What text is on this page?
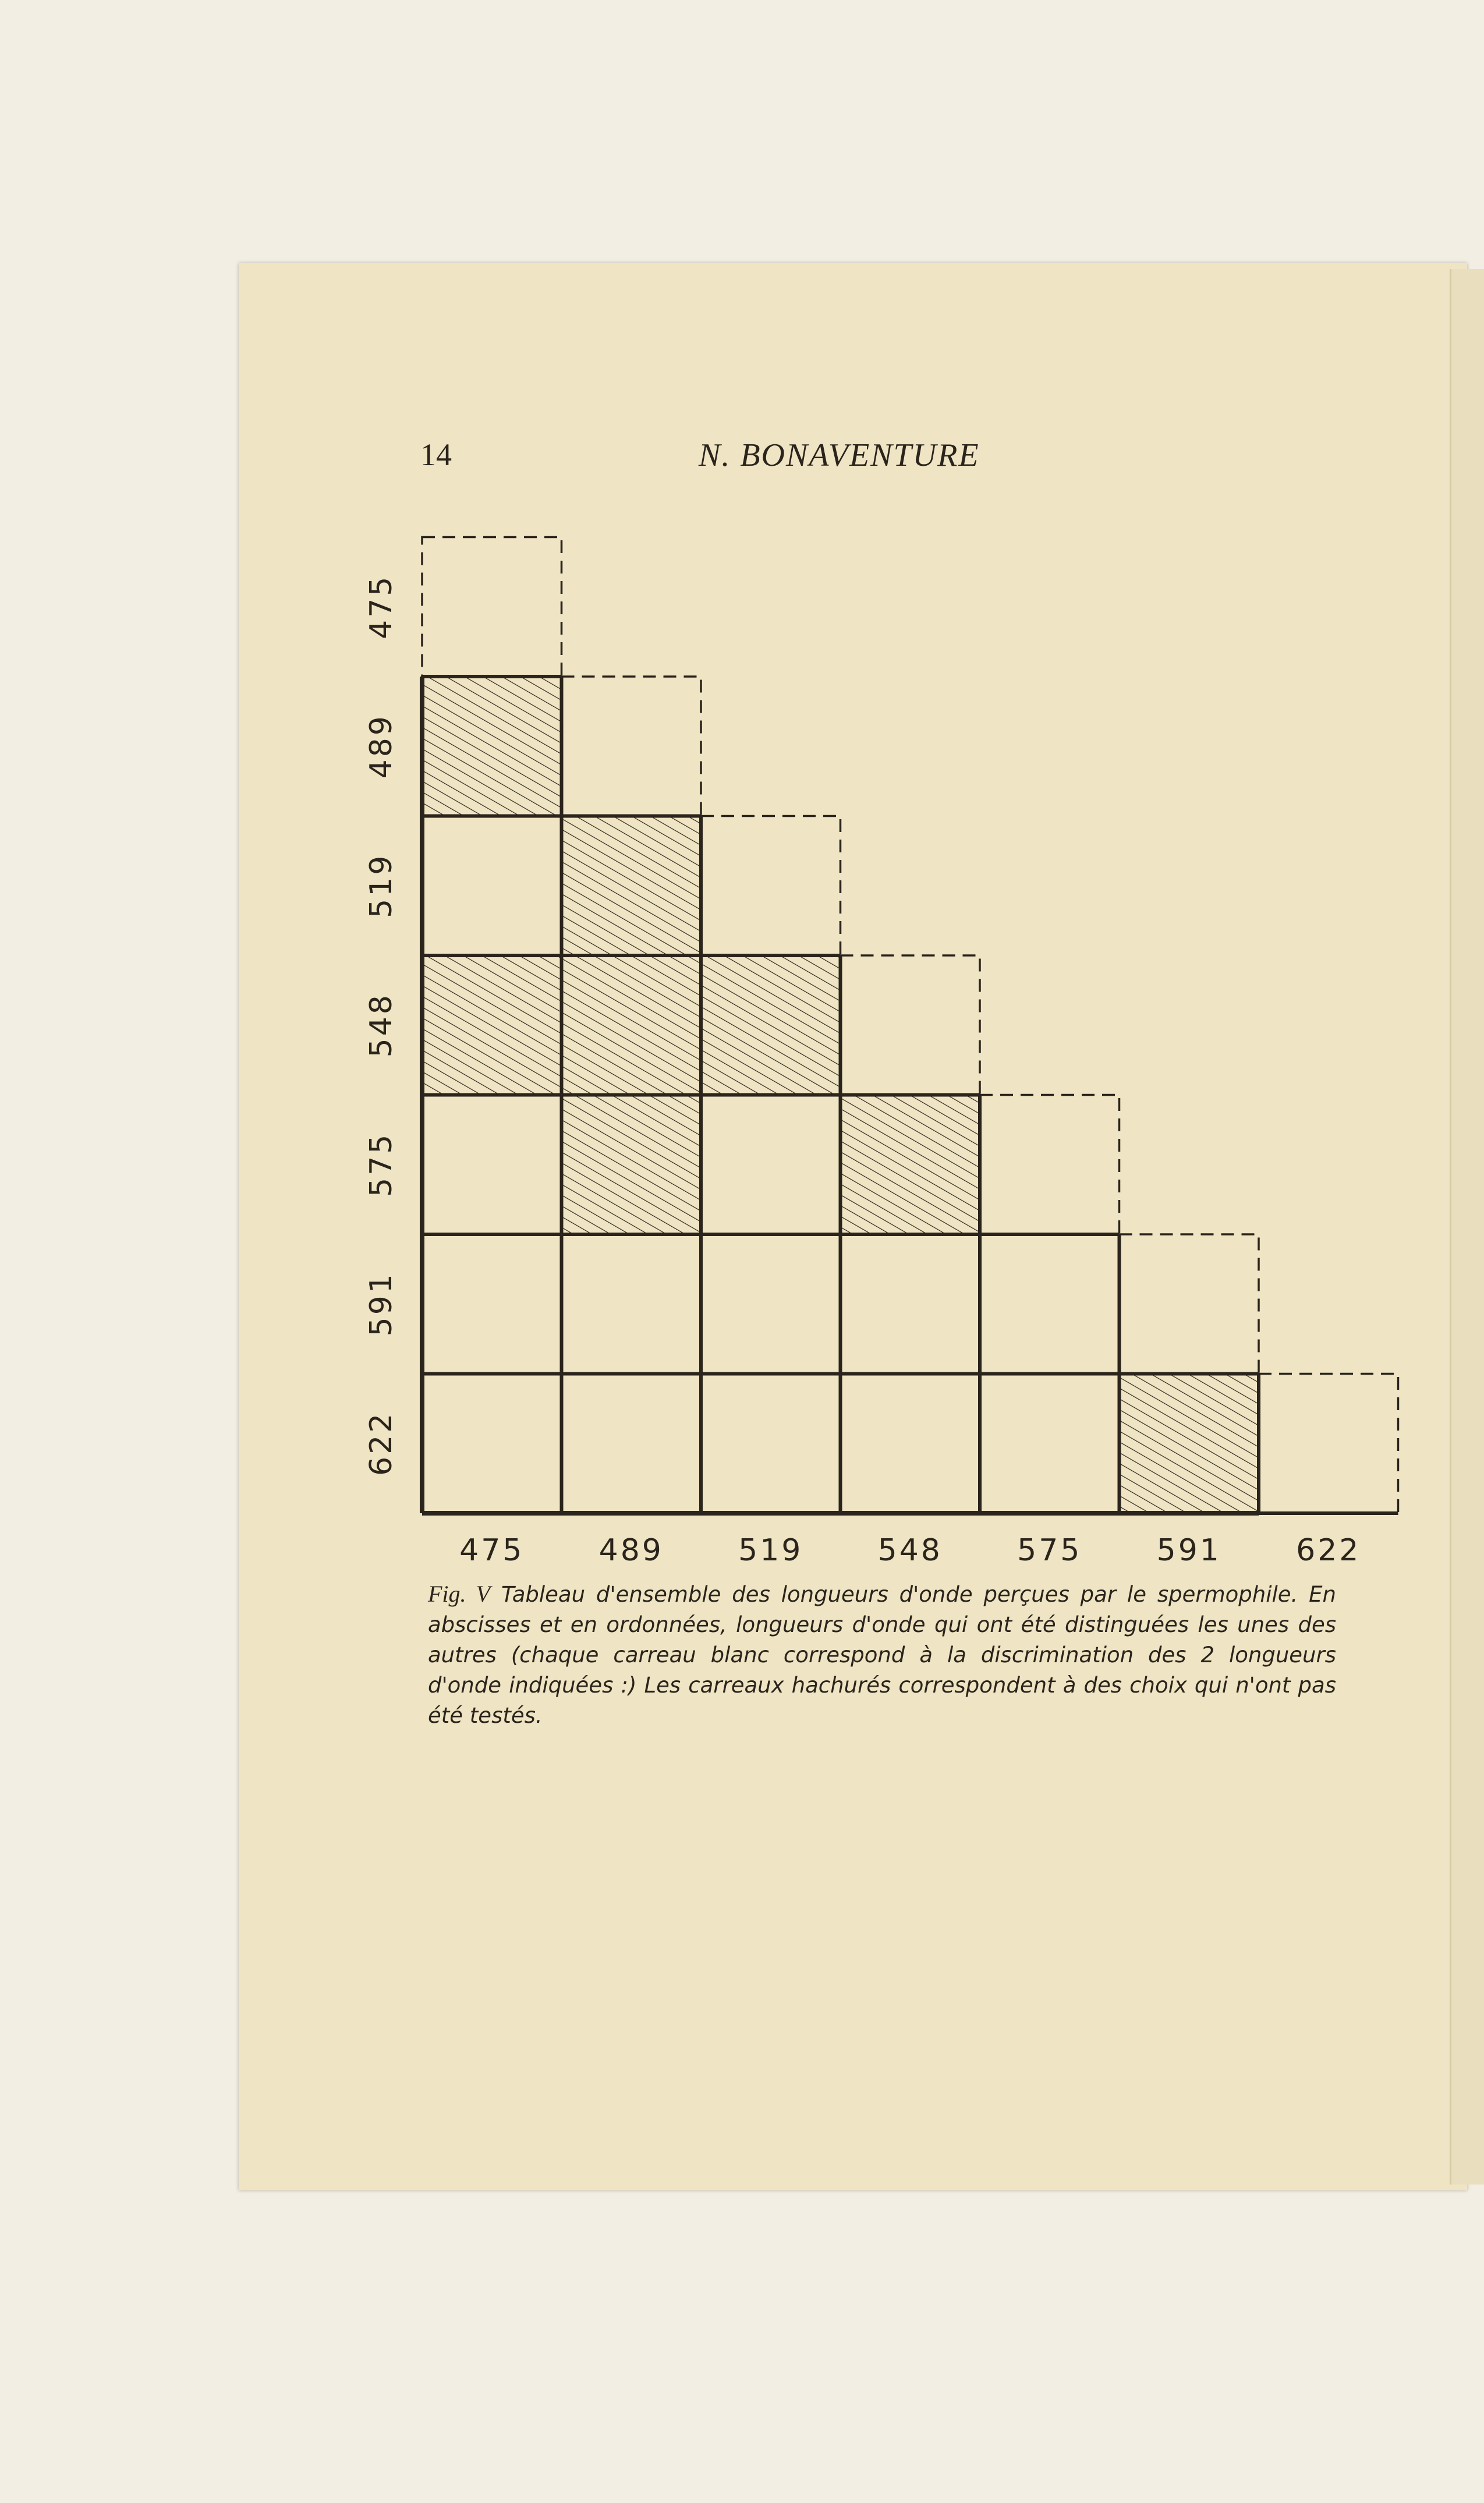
14	N. BONAVENTURE
475
489
519
548
575
591
622
475 489 519 548 575 591 622
Fig. V Tableau d'ensemble des longueurs d'onde perçues par le spermophile. En abscisses et en ordonnées, longueurs d'onde qui ont été distinguées les unes des autres (chaque carreau blanc correspond à la discrimination des 2 longueurs d'onde indiquées :) Les carreaux hachurés correspondent à des choix qui n'ont pas été testés.
